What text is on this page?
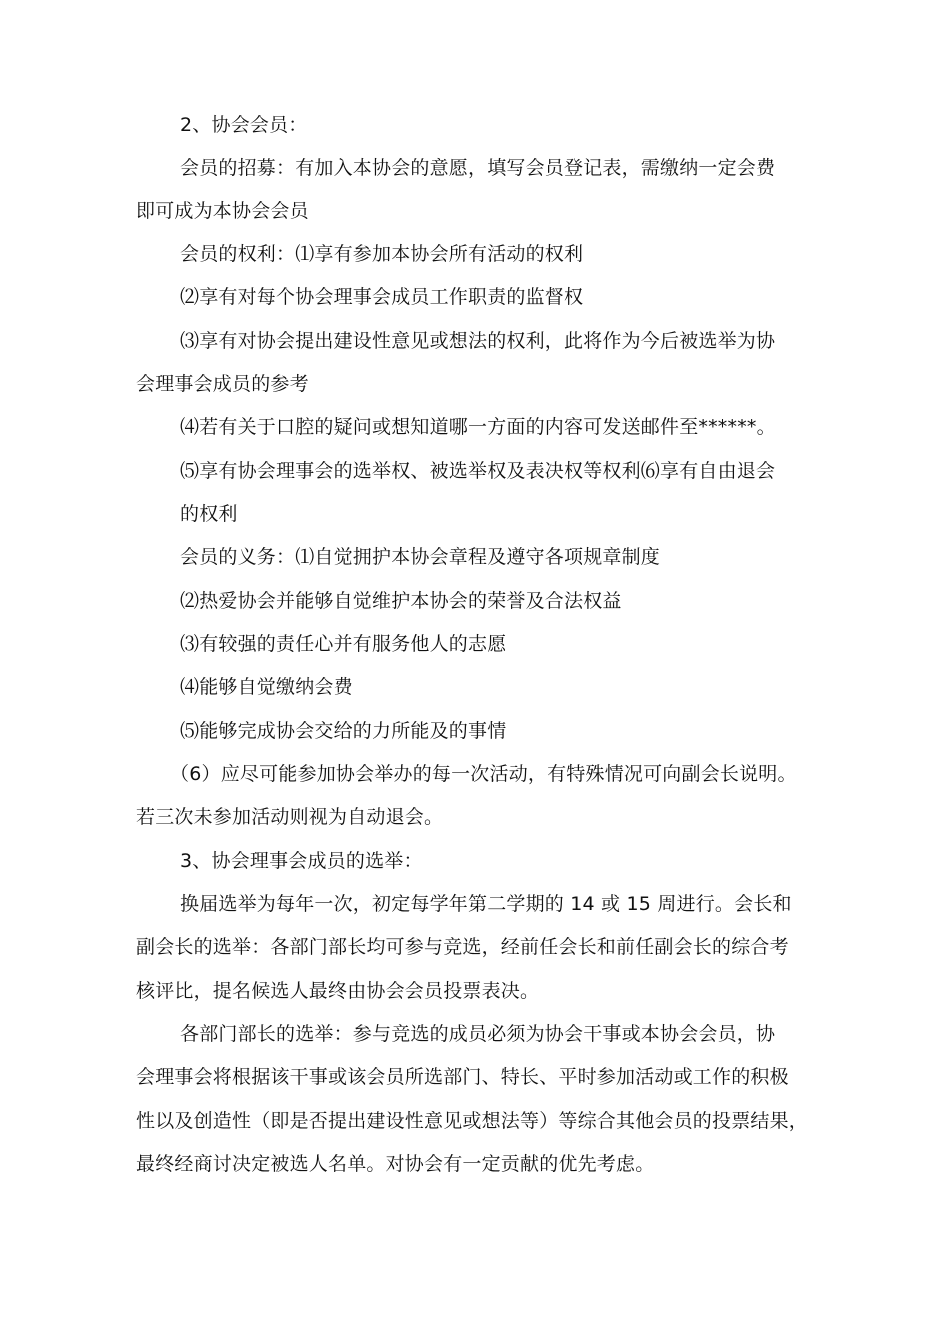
2、协会会员：
会员的招募：有加入本协会的意愿，填写会员登记表，需缴纳一定会费
即可成为本协会会员
会员的权利：⑴享有参加本协会所有活动的权利
⑵享有对每个协会理事会成员工作职责的监督权
⑶享有对协会提出建设性意见或想法的权利，此将作为今后被选举为协
会理事会成员的参考
⑷若有关于口腔的疑问或想知道哪一方面的内容可发送邮件至******。
⑸享有协会理事会的选举权、被选举权及表决权等权利⑹享有自由退会
的权利
会员的义务：⑴自觉拥护本协会章程及遵守各项规章制度
⑵热爱协会并能够自觉维护本协会的荣誉及合法权益
⑶有较强的责任心并有服务他人的志愿
⑷能够自觉缴纳会费
⑸能够完成协会交给的力所能及的事情
（6）应尽可能参加协会举办的每一次活动，有特殊情况可向副会长说明。
若三次未参加活动则视为自动退会。
3、协会理事会成员的选举：
换届选举为每年一次，初定每学年第二学期的 14 或 15 周进行。会长和
副会长的选举：各部门部长均可参与竞选，经前任会长和前任副会长的综合考
核评比，提名候选人最终由协会会员投票表决。
各部门部长的选举：参与竞选的成员必须为协会干事或本协会会员，协
会理事会将根据该干事或该会员所选部门、特长、平时参加活动或工作的积极
性以及创造性（即是否提出建设性意见或想法等）等综合其他会员的投票结果，
最终经商讨决定被选人名单。对协会有一定贡献的优先考虑。
